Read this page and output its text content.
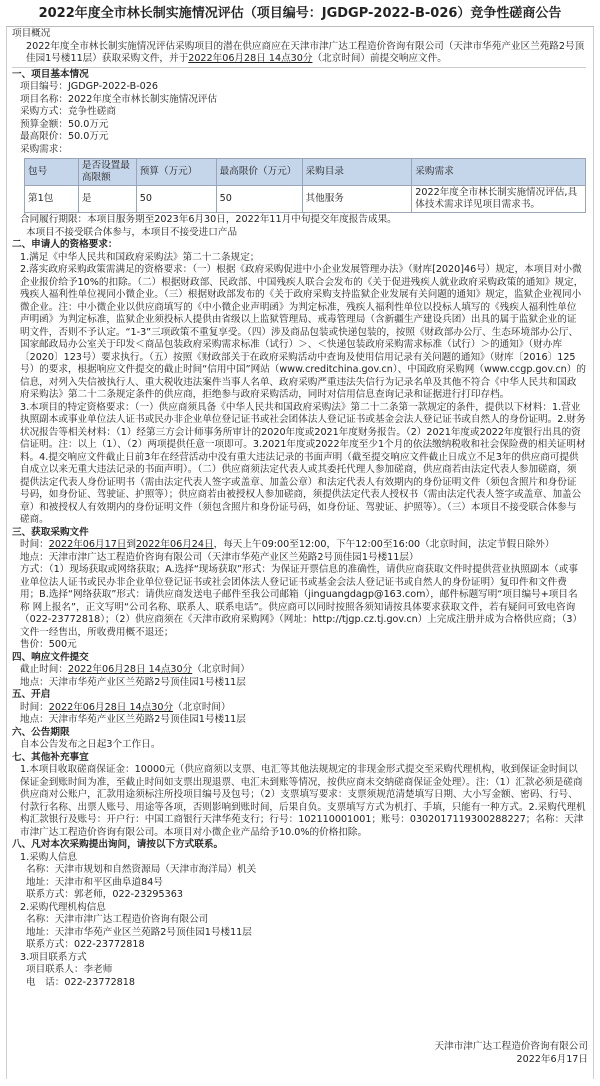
2022年度全市林长制实施情况评估（项目编号：JGDGP-2022-B-026）竞争性磋商公告

项目概况

2022年度全市林长制实施情况评估采购项目的潜在供应商应在天津市津广达工程造价咨询有限公司（天津市华苑产业区兰苑路2号顶佳园1号楼11层）获取采购文件，并于2022年06月28日 14点30分（北京时间）前提交响应文件。

一、项目基本情况

项目编号：JGDGP-2022-B-026

项目名称：2022年度全市林长制实施情况评估

采购方式：竞争性磋商

预算金额：50.0万元

最高限价：50.0万元

采购需求：

包号	是否设置最高限额	预算（万元）	最高限价（万元）	采购目录	采购需求
第1包	是	50	50	其他服务	2022年度全市林长制实施情况评估,具体技术需求详见项目需求书。

合同履行期限：本项目服务期至2023年6月30日，2022年11月中旬提交年度报告成果。

本项目不接受联合体参与，本项目不接受进口产品

二、申请人的资格要求：

1.满足《中华人民共和国政府采购法》第二十二条规定；

2.落实政府采购政策需满足的资格要求：（一）根据《政府采购促进中小企业发展管理办法》（财库[2020]46号）规定，本项目对小微企业报价给予10%的扣除。（二）根据财政部、民政部、中国残疾人联合会发布的《关于促进残疾人就业政府采购政策的通知》规定，残疾人福利性单位视同小微企业。（三）根据财政部发布的《关于政府采购支持监狱企业发展有关问题的通知》规定，监狱企业视同小微企业。注：中小微企业以供应商填写的《中小微企业声明函》为判定标准，残疾人福利性单位以投标人填写的《残疾人福利性单位声明函》为判定标准，监狱企业须投标人提供由省级以上监狱管理局、戒毒管理局（含新疆生产建设兵团）出具的属于监狱企业的证明文件，否则不予认定。“1-3”三项政策不重复享受。（四）涉及商品包装或快递包装的，按照《财政部办公厅、生态环境部办公厅、国家邮政局办公室关于印发＜商品包装政府采购需求标准（试行）＞、＜快递包装政府采购需求标准（试行）＞的通知》（财办库〔2020〕123号）要求执行。（五）按照《财政部关于在政府采购活动中查询及使用信用记录有关问题的通知》（财库〔2016〕125号）的要求，根据响应文件提交的截止时间“信用中国”网站（www.creditchina.gov.cn）、中国政府采购网（www.ccgp.gov.cn）的信息，对列入失信被执行人、重大税收违法案件当事人名单、政府采购严重违法失信行为记录名单及其他不符合《中华人民共和国政府采购法》第二十二条规定条件的供应商，拒绝参与政府采购活动，同时对信用信息查询记录和证据进行打印存档。

3.本项目的特定资格要求：（一）供应商须具备《中华人民共和国政府采购法》第二十二条第一款规定的条件，提供以下材料：1.营业执照副本或事业单位法人证书或民办非企业单位登记证书或社会团体法人登记证书或基金会法人登记证书或自然人的身份证明。2.财务状况报告等相关材料：（1）经第三方会计师事务所审计的2020年度或2021年度财务报告。（2）2021年度或2022年度银行出具的资信证明。注：以上（1）、（2）两项提供任意一项即可。3.2021年度或2022年度至少1个月的依法缴纳税收和社会保险费的相关证明材料。4.提交响应文件截止日前3年在经营活动中没有重大违法记录的书面声明（截至提交响应文件截止日成立不足3年的供应商可提供自成立以来无重大违法记录的书面声明）。（二）供应商须法定代表人或其委托代理人参加磋商，供应商若由法定代表人参加磋商，须提供法定代表人身份证明书（需由法定代表人签字或盖章、加盖公章）和法定代表人有效期内的身份证明文件（须包含照片和身份证号码，如身份证、驾驶证、护照等）；供应商若由被授权人参加磋商，须提供法定代表人授权书（需由法定代表人签字或盖章、加盖公章）和被授权人有效期内的身份证明文件（须包含照片和身份证号码，如身份证、驾驶证、护照等）。（三）本项目不接受联合体参与磋商。

三、获取采购文件

时间：2022年06月17日到2022年06月24日，每天上午09:00至12:00，下午12:00至16:00（北京时间，法定节假日除外）

地点：天津市津广达工程造价咨询有限公司（天津市华苑产业区兰苑路2号顶佳园1号楼11层）

方式：（1）现场获取或网络获取；A.选择“现场获取”形式：为保证开票信息的准确性，请供应商获取文件时提供营业执照副本（或事业单位法人证书或民办非企业单位登记证书或社会团体法人登记证书或基金会法人登记证书或自然人的身份证明）复印件和文件费用；B.选择“网络获取”形式：请供应商发送电子邮件至我公司邮箱（jinguangdagp@163.com），邮件标题写明“项目编号+项目名称 网上报名”，正文写明“公司名称、联系人、联系电话”。供应商可以同时按照各须知请按具体要求获取文件，若有疑问可致电咨询（022-23772818）；（2）供应商须在《天津市政府采购网》（网址：http://tjgp.cz.tj.gov.cn）上完成注册并成为合格供应商；（3）文件一经售出，所收费用概不退还；

售价：500元

四、响应文件提交

截止时间：2022年06月28日 14点30分（北京时间）

地点：天津市华苑产业区兰苑路2号顶佳园1号楼11层

五、开启

时间：2022年06月28日 14点30分（北京时间）

地点：天津市华苑产业区兰苑路2号顶佳园1号楼11层

六、公告期限

自本公告发布之日起3个工作日。

七、其他补充事宜

1.本项目收取磋商保证金：10000元（供应商须以支票、电汇等其他法规规定的非现金形式提交至采购代理机构，收到保证金时间以保证金到账时间为准，至截止时间如支票出现退票、电汇未到账等情况，按供应商未交纳磋商保证金处理）。注：（1）汇款必须是磋商供应商对公账户，汇款用途须标注所投项目编号及包号；（2）支票填写要求：支票须规范清楚填写日期、大小写金额、密码、行号、付款行名称、出票人账号、用途等各项，否则影响到账时间，后果自负。支票填写方式为机打、手填，只能有一种方式。2.采购代理机构汇款银行及账号：开户行：中国工商银行天津华苑支行；行号：102110001001；账号：0302017119300288227；名称：天津市津广达工程造价咨询有限公司。本项目对小微企业产品给予10.0%的价格扣除。

八、凡对本次采购提出询问，请按以下方式联系。

1.采购人信息

名称：天津市规划和自然资源局（天津市海洋局）机关

地址：天津市和平区曲阜道84号

联系方式：郭老师，022-23295363

2.采购代理机构信息

名称：天津市津广达工程造价咨询有限公司

地址：天津市华苑产业区兰苑路2号顶佳园1号楼11层

联系方式：022-23772818

3.项目联系方式

项目联系人：李老师

电　话：022-23772818

天津市津广达工程造价咨询有限公司
2022年6月17日
